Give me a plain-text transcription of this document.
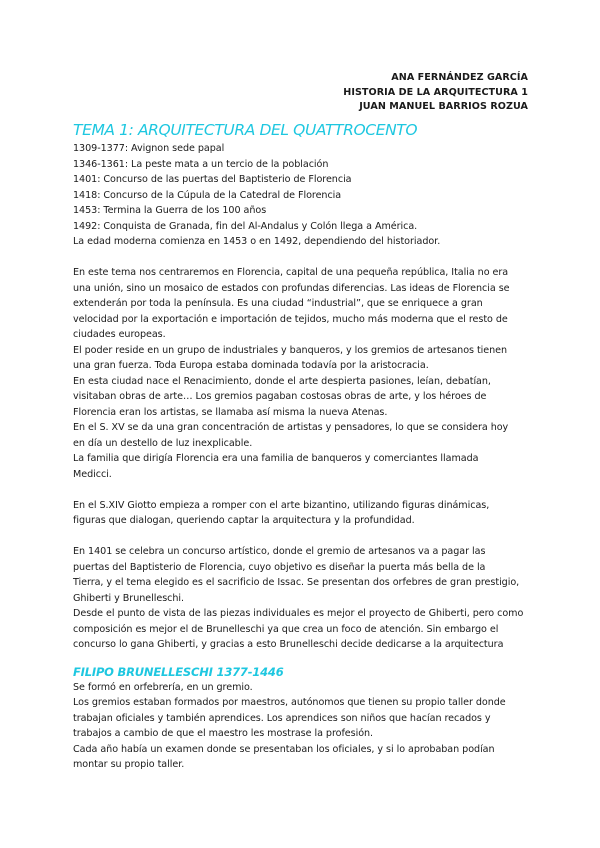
ANA FERNÁNDEZ GARCÍA
HISTORIA DE LA ARQUITECTURA 1
JUAN MANUEL BARRIOS ROZUA
TEMA 1: ARQUITECTURA DEL QUATTROCENTO
1309-1377: Avignon sede papal
1346-1361: La peste mata a un tercio de la población
1401: Concurso de las puertas del Baptisterio de Florencia
1418: Concurso de la Cúpula de la Catedral de Florencia
1453: Termina la Guerra de los 100 años
1492: Conquista de Granada, fin del Al-Andalus y Colón llega a América.
La edad moderna comienza en 1453 o en 1492, dependiendo del historiador.
En este tema nos centraremos en Florencia, capital de una pequeña república, Italia no era
una unión, sino un mosaico de estados con profundas diferencias. Las ideas de Florencia se
extenderán por toda la península. Es una ciudad “industrial”, que se enriquece a gran
velocidad por la exportación e importación de tejidos, mucho más moderna que el resto de
ciudades europeas.
El poder reside en un grupo de industriales y banqueros, y los gremios de artesanos tienen
una gran fuerza. Toda Europa estaba dominada todavía por la aristocracia.
En esta ciudad nace el Renacimiento, donde el arte despierta pasiones, leían, debatían,
visitaban obras de arte… Los gremios pagaban costosas obras de arte, y los héroes de
Florencia eran los artistas, se llamaba así misma la nueva Atenas.
En el S. XV se da una gran concentración de artistas y pensadores, lo que se considera hoy
en día un destello de luz inexplicable.
La familia que dirigía Florencia era una familia de banqueros y comerciantes llamada
Medicci.
En el S.XIV Giotto empieza a romper con el arte bizantino, utilizando figuras dinámicas,
figuras que dialogan, queriendo captar la arquitectura y la profundidad.
En 1401 se celebra un concurso artístico, donde el gremio de artesanos va a pagar las
puertas del Baptisterio de Florencia, cuyo objetivo es diseñar la puerta más bella de la
Tierra, y el tema elegido es el sacrificio de Issac. Se presentan dos orfebres de gran prestigio,
Ghiberti y Brunelleschi.
Desde el punto de vista de las piezas individuales es mejor el proyecto de Ghiberti, pero como
composición es mejor el de Brunelleschi ya que crea un foco de atención. Sin embargo el
concurso lo gana Ghiberti, y gracias a esto Brunelleschi decide dedicarse a la arquitectura
FILIPO BRUNELLESCHI 1377-1446
Se formó en orfebrería, en un gremio.
Los gremios estaban formados por maestros, autónomos que tienen su propio taller donde
trabajan oficiales y también aprendices. Los aprendices son niños que hacían recados y
trabajos a cambio de que el maestro les mostrase la profesión.
Cada año había un examen donde se presentaban los oficiales, y si lo aprobaban podían
montar su propio taller.
